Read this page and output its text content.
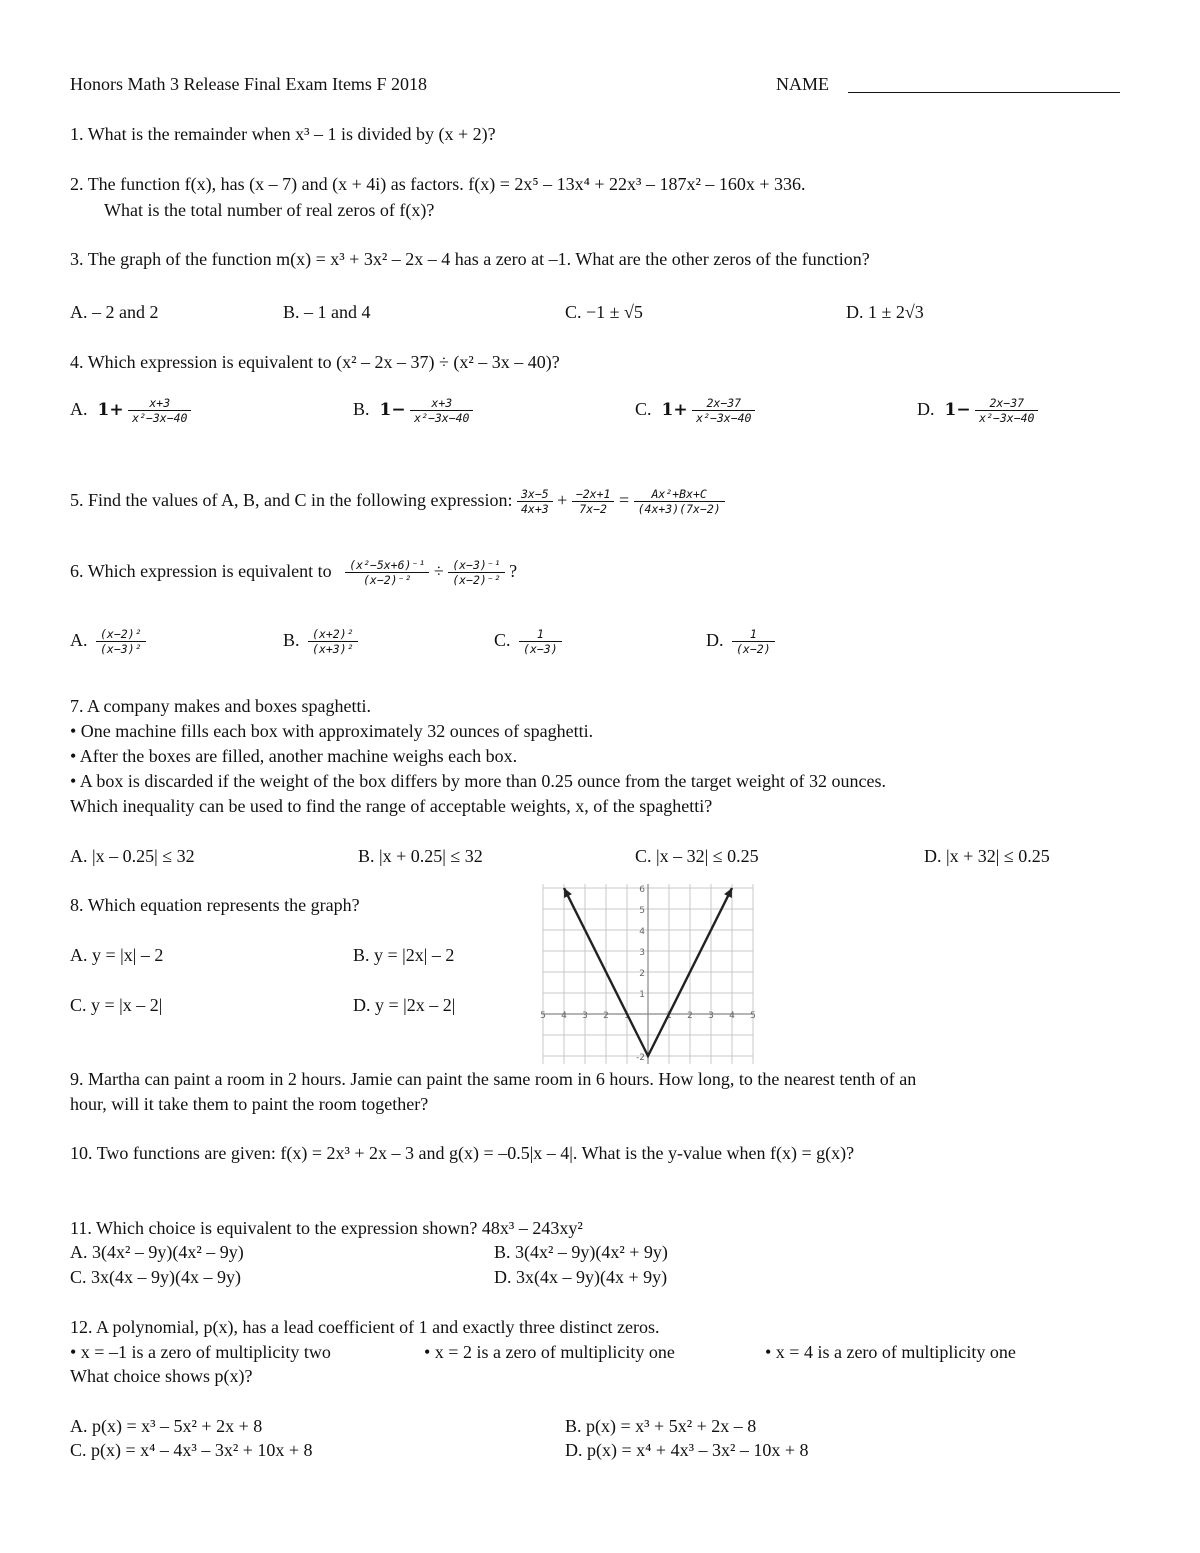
Honors Math 3 Release Final Exam Items F 2018	NAME
1. What is the remainder when x³ – 1 is divided by (x + 2)?
2. The function f(x), has (x – 7) and (x + 4i) as factors. f(x) = 2x⁵ – 13x⁴ + 22x³ – 187x² – 160x + 336.
What is the total number of real zeros of f(x)?
3. The graph of the function m(x) = x³ + 3x² – 2x – 4 has a zero at –1. What are the other zeros of the function?
A. – 2 and 2	B. – 1 and 4	C. −1 ± √5	D. 1 ± 2√3
4. Which expression is equivalent to (x² – 2x – 37) ÷ (x² – 3x – 40)?
A. $1+ \frac{x+3}{\text{x²−3x−40}}$	B. $1- \frac{x+3}{\text{x²−3x−40}}$	C. $1+ \frac{2x-37}{\text{x²−3x−40}}$	D. $1- \frac{2x-37}{\text{x²−3x−40}}$
5. Find the values of A, B, and C in the following expression: $\frac{3x-5}{4x+3} + \frac{-2x+1}{7x-2} = \frac{\text{Ax²+Bx+C}}{(4x+3)(7x-2)}$
6. Which expression is equivalent to $\frac{\text{(x²−5x+6)⁻¹}}{\text{(x−2)⁻²}} \div \frac{\text{(x−3)⁻¹}}{\text{(x−2)⁻²}}$ ?
A. $\frac{\text{(x−2)²}}{\text{(x−3)²}}$	B. $\frac{\text{(x+2)²}}{\text{(x+3)²}}$	C. $\frac{1}{(x-3)}$	D. $\frac{1}{(x-2)}$
7. A company makes and boxes spaghetti.
• One machine fills each box with approximately 32 ounces of spaghetti.
• After the boxes are filled, another machine weighs each box.
• A box is discarded if the weight of the box differs by more than 0.25 ounce from the target weight of 32 ounces.
Which inequality can be used to find the range of acceptable weights, x, of the spaghetti?
A. |x – 0.25| ≤ 32	B. |x + 0.25| ≤ 32	C. |x – 32| ≤ 0.25	D. |x + 32| ≤ 0.25
8. Which equation represents the graph?
A. y = |x| – 2	B. y = |2x| – 2
C. y = |x – 2|	D. y = |2x – 2|
5 4 3 2 1	1 2 3 4 5
6
5
4
3
2
1
-2
9. Martha can paint a room in 2 hours. Jamie can paint the same room in 6 hours. How long, to the nearest tenth of an
hour, will it take them to paint the room together?
10. Two functions are given: f(x) = 2x³ + 2x – 3 and g(x) = –0.5|x – 4|. What is the y-value when f(x) = g(x)?
11. Which choice is equivalent to the expression shown? 48x³ – 243xy²
A. 3(4x² – 9y)(4x² – 9y)	B. 3(4x² – 9y)(4x² + 9y)
C. 3x(4x – 9y)(4x – 9y)	D. 3x(4x – 9y)(4x + 9y)
12. A polynomial, p(x), has a lead coefficient of 1 and exactly three distinct zeros.
• x = –1 is a zero of multiplicity two	• x = 2 is a zero of multiplicity one	• x = 4 is a zero of multiplicity one
What choice shows p(x)?
A. p(x) = x³ – 5x² + 2x + 8	B. p(x) = x³ + 5x² + 2x – 8
C. p(x) = x⁴ – 4x³ – 3x² + 10x + 8	D. p(x) = x⁴ + 4x³ – 3x² – 10x + 8
